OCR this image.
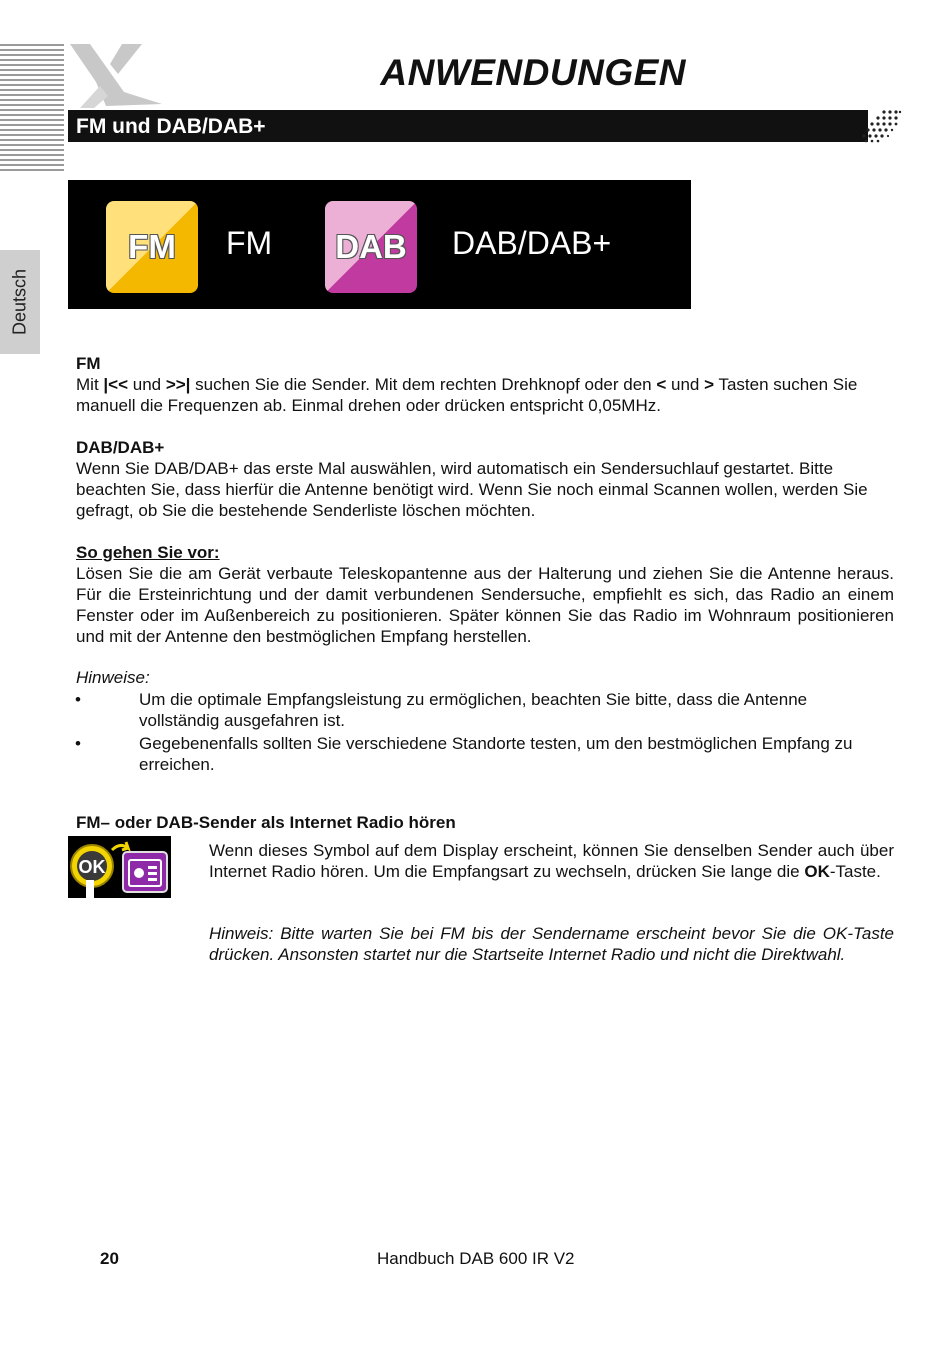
ANWENDUNGEN
FM und DAB/DAB+
Deutsch
FM	FM	DAB	DAB/DAB+
FM
Mit |<< und >>| suchen Sie die Sender. Mit dem rechten Drehknopf oder den < und > Tasten suchen Sie manuell die Frequenzen ab. Einmal drehen oder drücken entspricht 0,05MHz.
DAB/DAB+
Wenn Sie DAB/DAB+ das erste Mal auswählen, wird automatisch ein Sendersuchlauf gestartet. Bitte beachten Sie, dass hierfür die Antenne benötigt wird. Wenn Sie noch einmal Scannen wollen, werden Sie gefragt, ob Sie die bestehende Senderliste löschen möchten.
So gehen Sie vor:
Lösen Sie die am Gerät verbaute Teleskopantenne aus der Halterung und ziehen Sie die Antenne heraus. Für die Ersteinrichtung und der damit verbundenen Sendersuche, empfiehlt es sich, das Radio an einem Fenster oder im Außenbereich zu positionieren. Später können Sie das Radio im Wohnraum positionieren und mit der Antenne den bestmöglichen Empfang herstellen.
Hinweise:
•	Um die optimale Empfangsleistung zu ermöglichen, beachten Sie bitte, dass die Antenne vollständig ausgefahren ist.
•	Gegebenenfalls sollten Sie verschiedene Standorte testen, um den bestmöglichen Empfang zu erreichen.
FM– oder DAB-Sender als Internet Radio hören
OK
Wenn dieses Symbol auf dem Display erscheint, können Sie denselben Sender auch über Internet Radio hören. Um die Empfangsart zu wechseln, drücken Sie lange die OK-Taste.
Hinweis: Bitte warten Sie bei FM bis der Sendername erscheint bevor Sie die OK-Taste drücken. Ansonsten startet nur die Startseite Internet Radio und nicht die Direktwahl.
20	Handbuch DAB 600 IR V2
